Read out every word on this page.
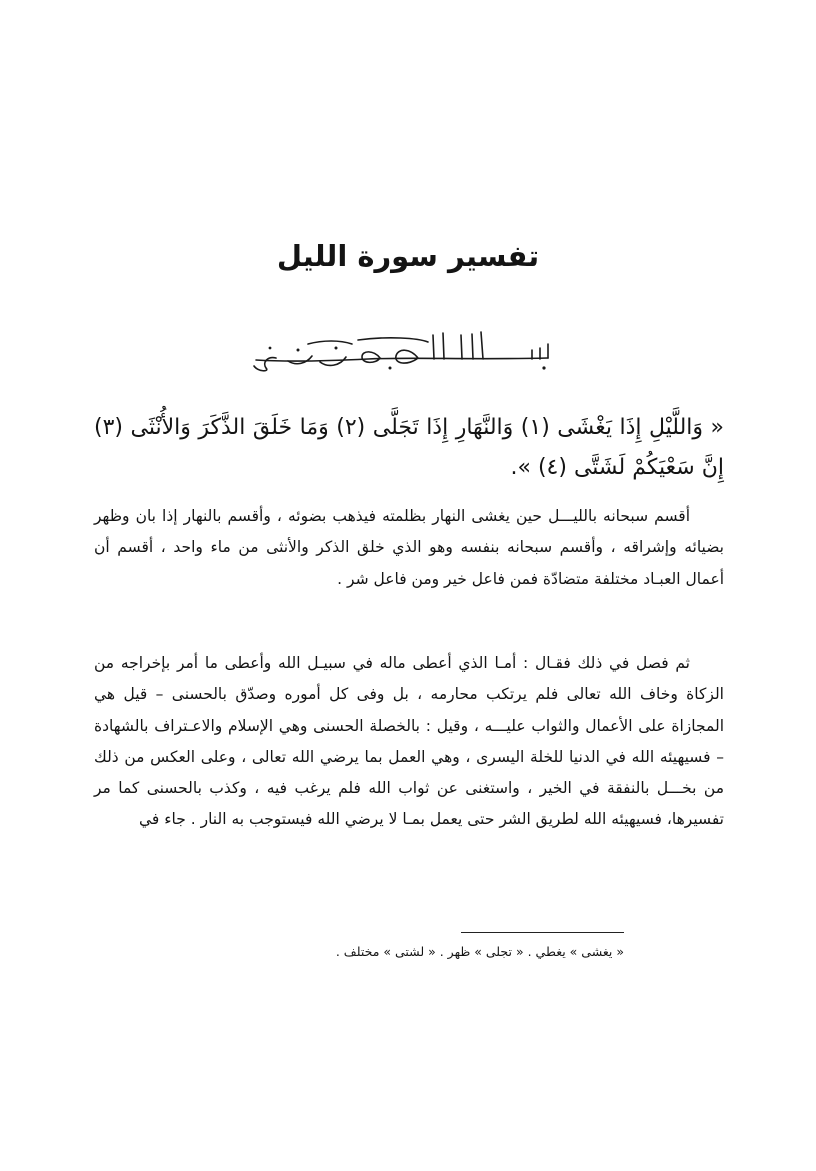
تفسير سورة الليل

« وَاللَّيْلِ إِذَا يَغْشَى (١) وَالنَّهَارِ إِذَا تَجَلَّى (٢) وَمَا خَلَقَ الذَّكَرَ وَالأُنْثَى (٣) إِنَّ سَعْيَكُمْ لَشَتَّى (٤) ».

أقسم سبحانه بالليـــل حين يغشى النهار بظلمته فيذهب بضوئه ، وأقسم بالنهار إذا بان وظهر بضيائه وإشراقه ، وأقسم سبحانه بنفسه وهو الذي خلق الذكر والأنثى من ماء واحد ، أقسم أن أعمال العبـاد مختلفة متضادّة فمن فاعل خير ومن فاعل شر .

ثم فصل في ذلك فقـال : أمـا الذي أعطى ماله في سبيـل الله وأعطى ما أمر بإخراجه من الزكاة وخاف الله تعالى فلم يرتكب محارمه ، بل وفى كل أموره وصدّق بالحسنى – قيل هي المجازاة على الأعمال والثواب عليـــه ، وقيل : بالخصلة الحسنى وهي الإسلام والاعـتراف بالشهادة – فسيهيئه الله في الدنيا للخلة اليسرى ، وهي العمل بما يرضي الله تعالى ، وعلى العكس من ذلك من بخـــل بالنفقة في الخير ، واستغنى عن ثواب الله فلم يرغب فيه ، وكذب بالحسنى كما مر تفسيرها، فسيهيئه الله لطريق الشر حتى يعمل بمـا لا يرضي الله فيستوجب به النار . جاء في

« يغشى » يغطي . « تجلى » ظهر . « لشتى » مختلف .
